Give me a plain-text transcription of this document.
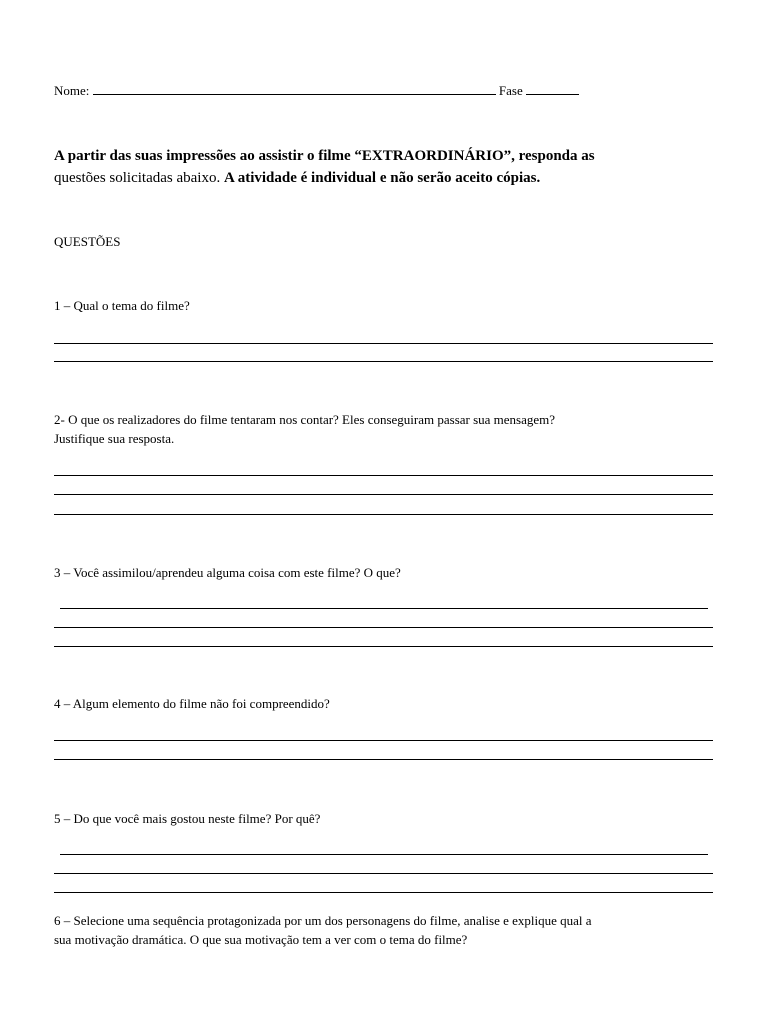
Nome:	Fase
A partir das suas impressões ao assistir o filme “EXTRAORDINÁRIO”, responda as
questões solicitadas abaixo. A atividade é individual e não serão aceito cópias.
QUESTÕES
1 – Qual o tema do filme?
2- O que os realizadores do filme tentaram nos contar? Eles conseguiram passar sua mensagem?
Justifique sua resposta.
3 – Você assimilou/aprendeu alguma coisa com este filme? O que?
4 – Algum elemento do filme não foi compreendido?
5 – Do que você mais gostou neste filme? Por quê?
6 – Selecione uma sequência protagonizada por um dos personagens do filme, analise e explique qual a
sua motivação dramática. O que sua motivação tem a ver com o tema do filme?
